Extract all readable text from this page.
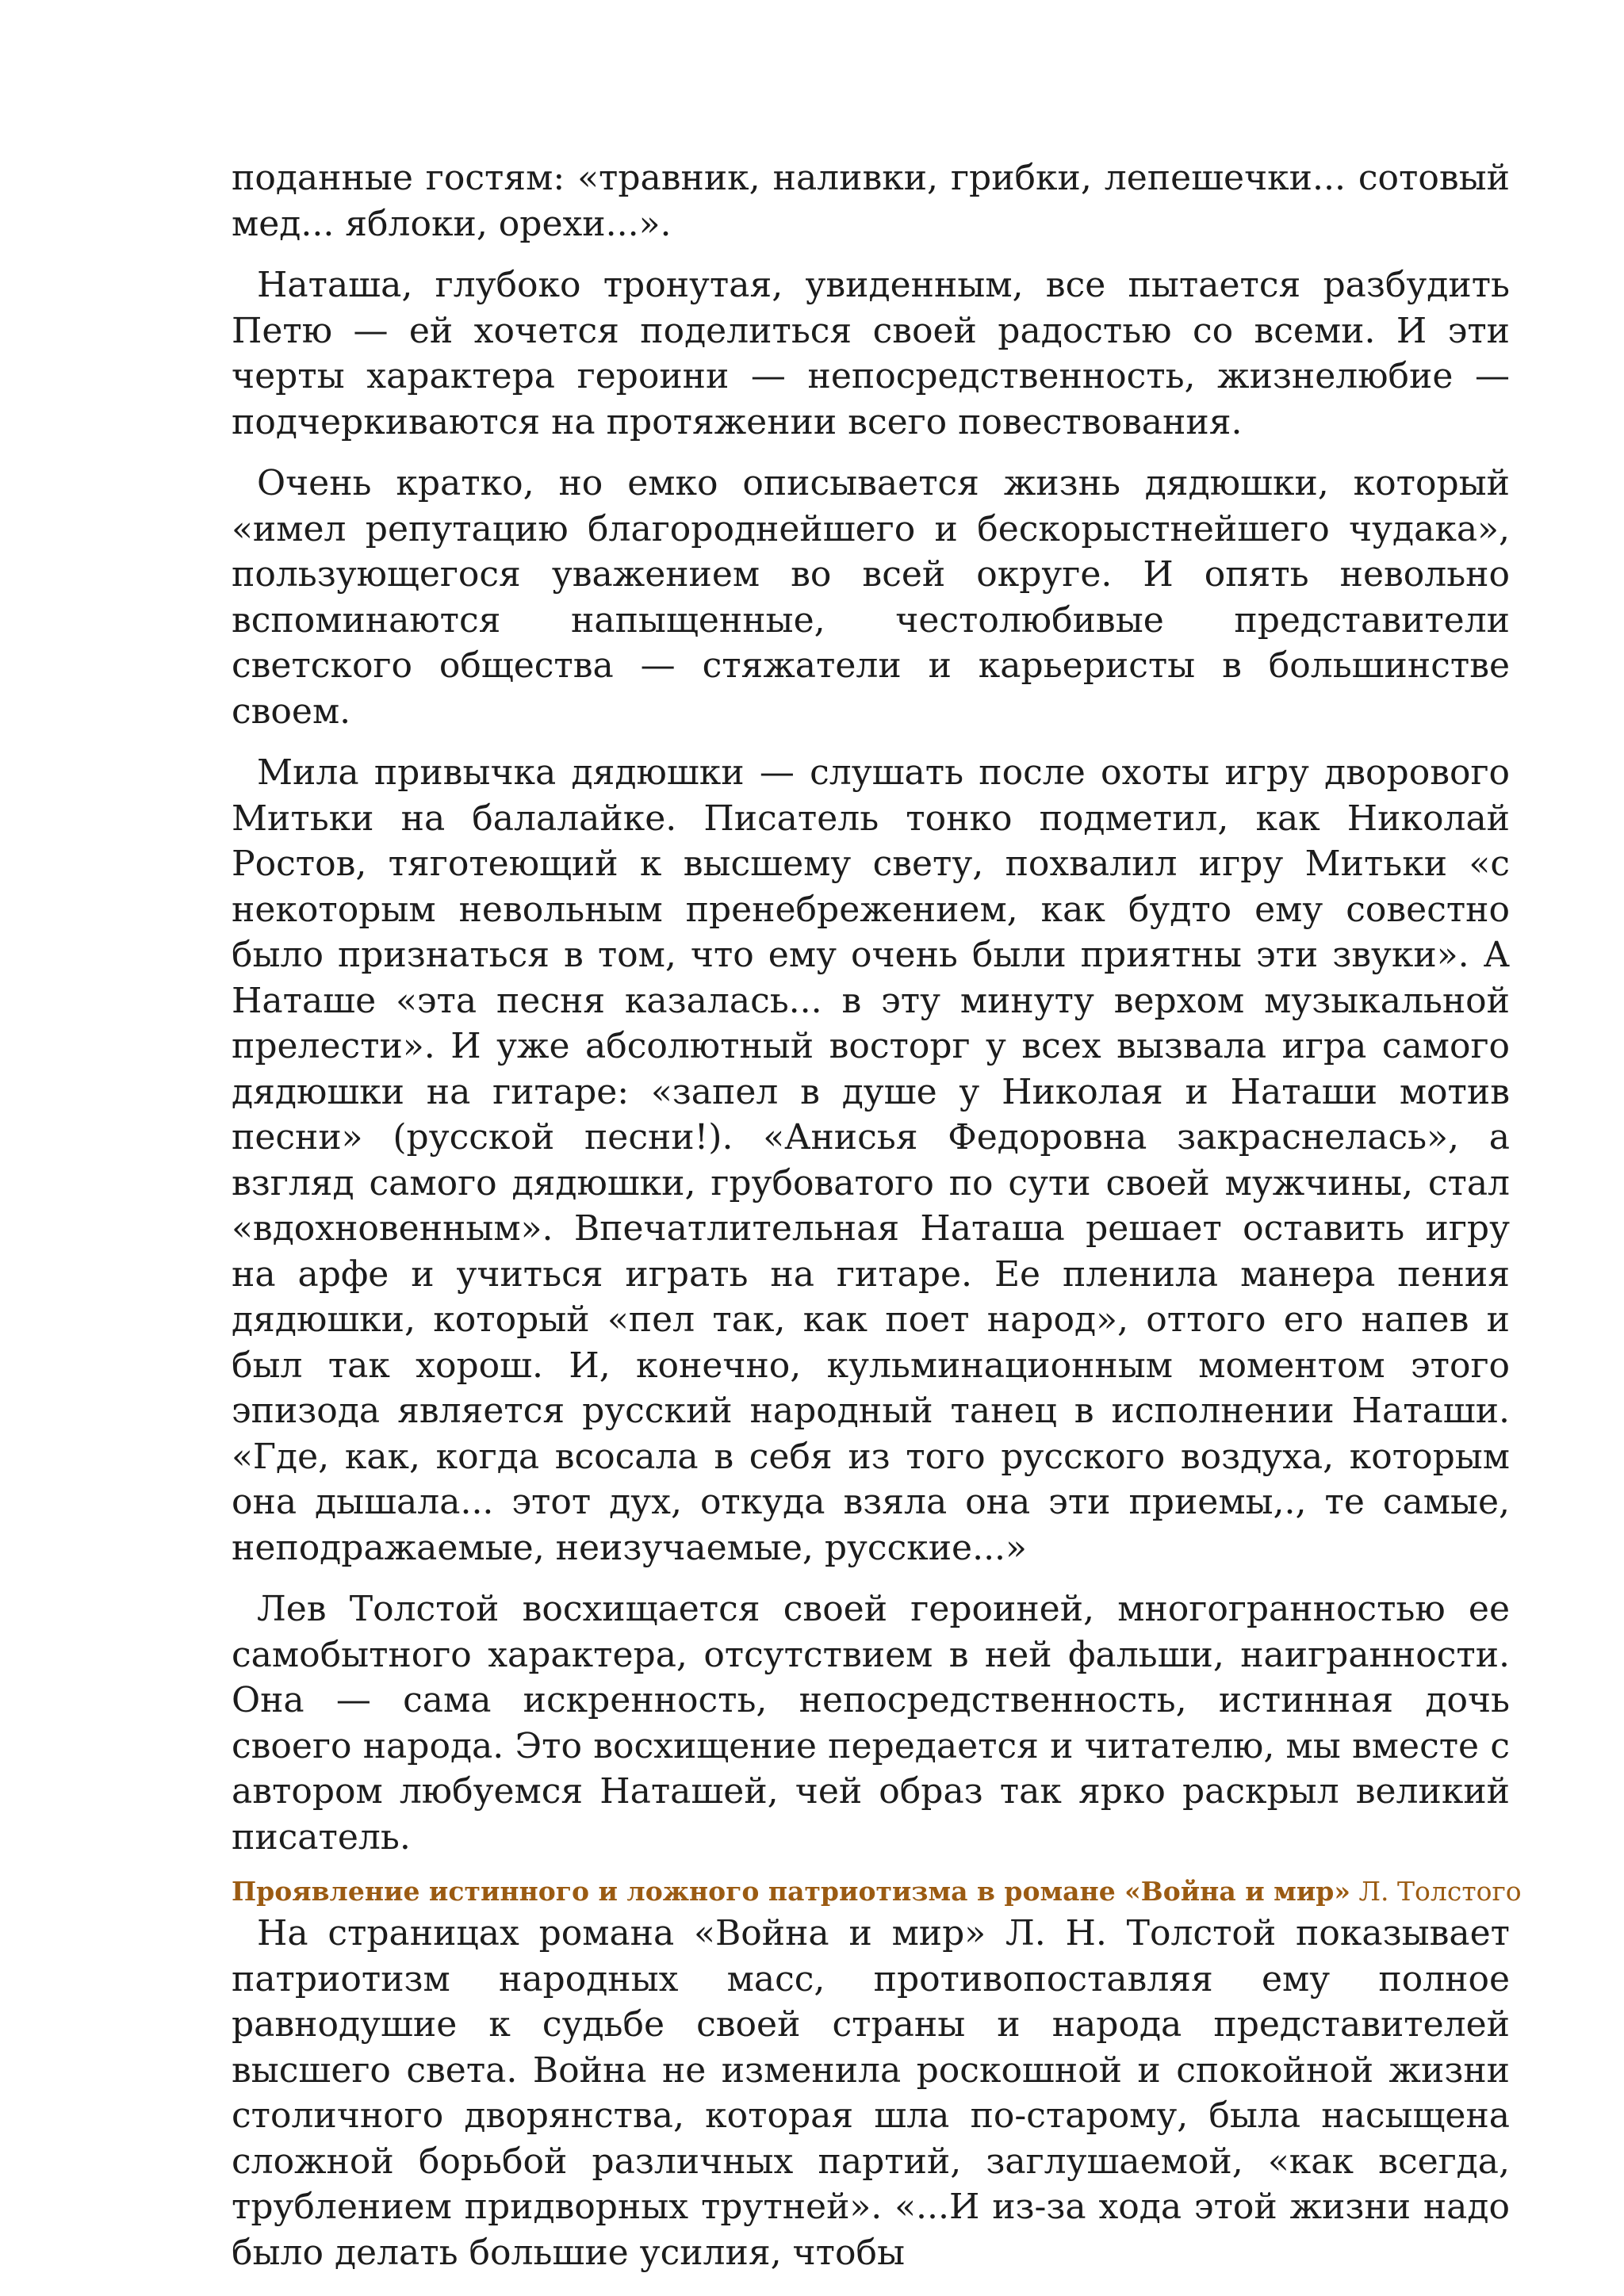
поданные гостям: «травник, наливки, грибки, лепешечки... сотовый мед... яблоки, орехи...».

Наташа, глубоко тронутая, увиденным, все пытается разбудить Петю — ей хочется поделиться своей радостью со всеми. И эти черты характера героини — непосредственность, жизнелюбие — подчеркиваются на протяжении всего повествования.

Очень кратко, но емко описывается жизнь дядюшки, который «имел репутацию благороднейшего и бескорыстнейшего чудака», пользующегося уважением во всей округе. И опять невольно вспоминаются напыщенные, честолюбивые представители светского общества — стяжатели и карьеристы в большинстве своем.

Мила привычка дядюшки — слушать после охоты игру дворового Митьки на балалайке. Писатель тонко подметил, как Николай Ростов, тяготеющий к высшему свету, похвалил игру Митьки «с некоторым невольным пренебрежением, как будто ему совестно было признаться в том, что ему очень были приятны эти звуки». А Наташе «эта песня казалась... в эту минуту верхом музыкальной прелести». И уже абсолютный восторг у всех вызвала игра самого дядюшки на гитаре: «запел в душе у Николая и Наташи мотив песни» (русской песни!). «Анисья Федоровна закраснелась», а взгляд самого дядюшки, грубоватого по сути своей мужчины, стал «вдохновенным». Впечатлительная Наташа решает оставить игру на арфе и учиться играть на гитаре. Ее пленила манера пения дядюшки, который «пел так, как поет народ», оттого его напев и был так хорош. И, конечно, кульминационным моментом этого эпизода является русский народный танец в исполнении Наташи. «Где, как, когда всосала в себя из того русского воздуха, которым она дышала... этот дух, откуда взяла она эти приемы,., те самые, неподражаемые, неизучаемые, русские...»

Лев Толстой восхищается своей героиней, многогранностью ее самобытного характера, отсутствием в ней фальши, наигранности. Она — сама искренность, непосредственность, истинная дочь своего народа. Это восхищение передается и читателю, мы вместе с автором любуемся Наташей, чей образ так ярко раскрыл великий писатель.

Проявление истинного и ложного патриотизма в романе «Война и мир» Л. Толстого

На страницах романа «Война и мир» Л. Н. Толстой показывает патриотизм народных масс, противопоставляя ему полное равнодушие к судьбе своей страны и народа представителей высшего света. Война не изменила роскошной и спокойной жизни столичного дворянства, которая шла по-старому, была насыщена сложной борьбой различных партий, заглушаемой, «как всегда, трублением придворных трутней». «...И из-за хода этой жизни надо было делать большие усилия, чтобы
